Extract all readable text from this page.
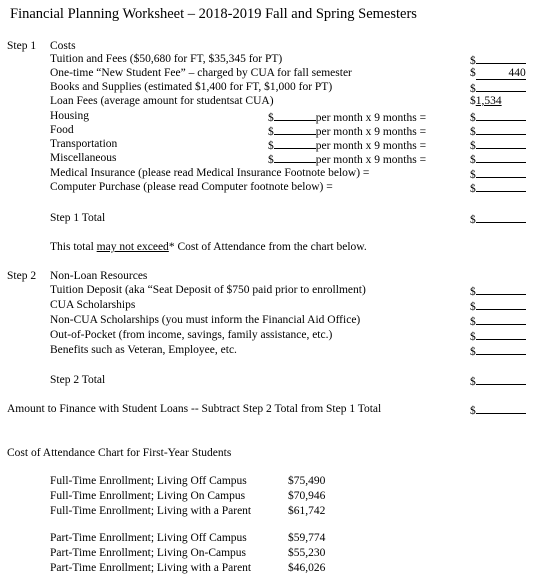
Financial Planning Worksheet – 2018-2019 Fall and Spring Semesters
Step 1 Costs
Tuition and Fees ($50,680 for FT, $35,345 for PT)	$
One-time “New Student Fee” – charged by CUA for fall semester	$	440
Books and Supplies (estimated $1,400 for FT, $1,000 for PT)	$
Loan Fees (average amount for studentsat CUA)	$1,534
Housing	$	per month x 9 months =	$
Food	$	per month x 9 months =	$
Transportation	$	per month x 9 months =	$
Miscellaneous	$	per month x 9 months =	$
Medical Insurance (please read Medical Insurance Footnote below) =	$
Computer Purchase (please read Computer footnote below) =	$
Step 1 Total	$
This total may not exceed* Cost of Attendance from the chart below.
Step 2 Non-Loan Resources
Tuition Deposit (aka “Seat Deposit of $750 paid prior to enrollment)	$
CUA Scholarships	$
Non-CUA Scholarships (you must inform the Financial Aid Office)	$
Out-of-Pocket (from income, savings, family assistance, etc.)	$
Benefits such as Veteran, Employee, etc.	$
Step 2 Total	$
Amount to Finance with Student Loans -- Subtract Step 2 Total from Step 1 Total	$
Cost of Attendance Chart for First-Year Students
Full-Time Enrollment; Living Off Campus	$75,490
Full-Time Enrollment; Living On Campus	$70,946
Full-Time Enrollment; Living with a Parent	$61,742
Part-Time Enrollment; Living Off Campus	$59,774
Part-Time Enrollment; Living On-Campus	$55,230
Part-Time Enrollment; Living with a Parent	$46,026
